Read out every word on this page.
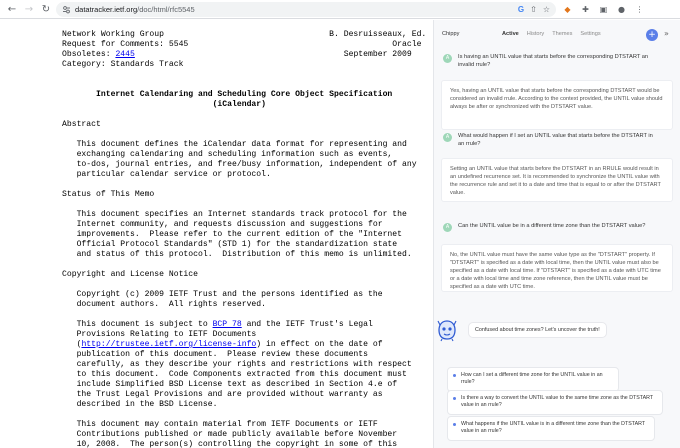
← → ↻	datatracker.ietf.org/doc/html/rfc5545	G ⇧ ☆	◆	✚ ▣ ● ⋮
Network Working Group                                  B. Desruisseaux, Ed.
Request for Comments: 5545                                          Oracle
Obsoletes: 2445                                           September 2009
Category: Standards Track

Internet Calendaring and Scheduling Core Object Specification
(iCalendar)

Abstract

This document defines the iCalendar data format for representing and
exchanging calendaring and scheduling information such as events,
to-dos, journal entries, and free/busy information, independent of any
particular calendar service or protocol.

Status of This Memo

This document specifies an Internet standards track protocol for the
Internet community, and requests discussion and suggestions for
improvements.  Please refer to the current edition of the "Internet
Official Protocol Standards" (STD 1) for the standardization state
and status of this protocol.  Distribution of this memo is unlimited.

Copyright and License Notice

Copyright (c) 2009 IETF Trust and the persons identified as the
document authors.  All rights reserved.

This document is subject to BCP 78 and the IETF Trust's Legal
Provisions Relating to IETF Documents
(http://trustee.ietf.org/license-info) in effect on the date of
publication of this document.  Please review these documents
carefully, as they describe your rights and restrictions with respect
to this document.  Code Components extracted from this document must
include Simplified BSD License text as described in Section 4.e of
the Trust Legal Provisions and are provided without warranty as
described in the BSD License.

This document may contain material from IETF Documents or IETF
Contributions published or made publicly available before November
10, 2008.  The person(s) controlling the copyright in some of this
Chippy	Active History Themes Settings	+ »
A	Is having an UNTIL value that starts before the corresponding DTSTART an invalid rrule?
Yes, having an UNTIL value that starts before the corresponding DTSTART would be considered an invalid rrule. According to the context provided, the UNTIL value should always be after or synchronized with the DTSTART value.
A	What would happen if I set an UNTIL value that starts before the DTSTART in an rrule?
Setting an UNTIL value that starts before the DTSTART in an RRULE would result in an undefined recurrence set. It is recommended to synchronize the UNTIL value with the recurrence rule and set it to a date and time that is equal to or after the DTSTART value.
A	Can the UNTIL value be in a different time zone than the DTSTART value?
No, the UNTIL value must have the same value type as the "DTSTART" property. If "DTSTART" is specified as a date with local time, then the UNTIL value must also be specified as a date with local time. If "DTSTART" is specified as a date with UTC time or a date with local time and time zone reference, then the UNTIL value must be specified as a date with UTC time.
Confused about time zones? Let's uncover the truth!
How can I set a different time zone for the UNTIL value in an rrule?
Is there a way to convert the UNTIL value to the same time zone as the DTSTART value in an rrule?
What happens if the UNTIL value is in a different time zone than the DTSTART value in an rrule?
